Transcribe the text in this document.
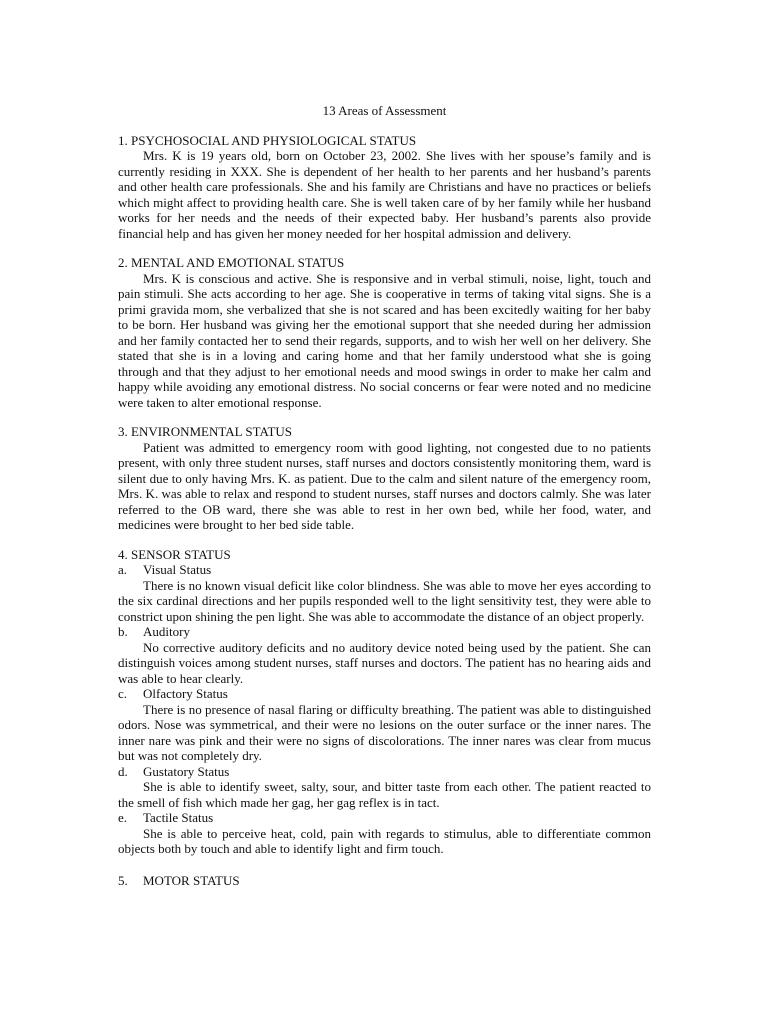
13 Areas of Assessment

1. PSYCHOSOCIAL AND PHYSIOLOGICAL STATUS

Mrs. K is 19 years old, born on October 23, 2002. She lives with her spouse’s family and is currently residing in XXX. She is dependent of her health to her parents and her husband’s parents and other health care professionals. She and his family are Christians and have no practices or beliefs which might affect to providing health care. She is well taken care of by her family while her husband works for her needs and the needs of their expected baby. Her husband’s parents also provide financial help and has given her money needed for her hospital admission and delivery.

2. MENTAL AND EMOTIONAL STATUS

Mrs. K is conscious and active. She is responsive and in verbal stimuli, noise, light, touch and pain stimuli. She acts according to her age. She is cooperative in terms of taking vital signs. She is a primi gravida mom, she verbalized that she is not scared and has been excitedly waiting for her baby to be born. Her husband was giving her the emotional support that she needed during her admission and her family contacted her to send their regards, supports, and to wish her well on her delivery. She stated that she is in a loving and caring home and that her family understood what she is going through and that they adjust to her emotional needs and mood swings in order to make her calm and happy while avoiding any emotional distress. No social concerns or fear were noted and no medicine were taken to alter emotional response.

3. ENVIRONMENTAL STATUS

Patient was admitted to emergency room with good lighting, not congested due to no patients present, with only three student nurses, staff nurses and doctors consistently monitoring them, ward is silent due to only having Mrs. K. as patient. Due to the calm and silent nature of the emergency room, Mrs. K. was able to relax and respond to student nurses, staff nurses and doctors calmly. She was later referred to the OB ward, there she was able to rest in her own bed, while her food, water, and medicines were brought to her bed side table.

4. SENSOR STATUS

a.	Visual Status

There is no known visual deficit like color blindness. She was able to move her eyes according to the six cardinal directions and her pupils responded well to the light sensitivity test, they were able to constrict upon shining the pen light. She was able to accommodate the distance of an object properly.

b.	Auditory

No corrective auditory deficits and no auditory device noted being used by the patient. She can distinguish voices among student nurses, staff nurses and doctors. The patient has no hearing aids and was able to hear clearly.

c.	Olfactory Status

There is no presence of nasal flaring or difficulty breathing. The patient was able to distinguished odors. Nose was symmetrical, and their were no lesions on the outer surface or the inner nares. The inner nare was pink and their were no signs of discolorations. The inner nares was clear from mucus but was not completely dry.

d.	Gustatory Status

She is able to identify sweet, salty, sour, and bitter taste from each other. The patient reacted to the smell of fish which made her gag, her gag reflex is in tact.

e.	Tactile Status

She is able to perceive heat, cold, pain with regards to stimulus, able to differentiate common objects both by touch and able to identify light and firm touch.

5.	MOTOR STATUS
